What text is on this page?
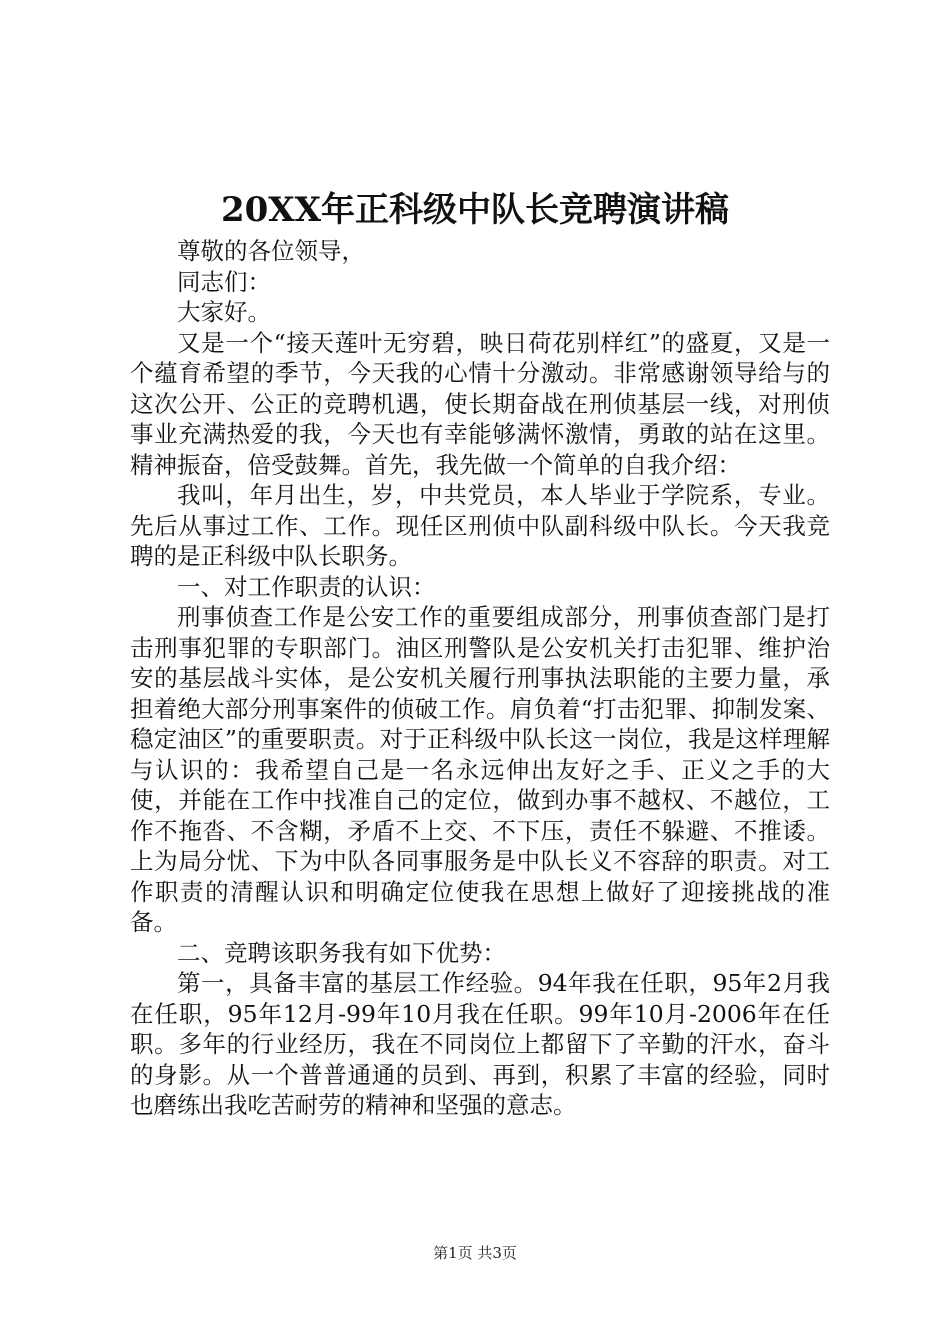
20XX年正科级中队长竞聘演讲稿

尊敬的各位领导，

同志们：

大家好。

又是一个“接天莲叶无穷碧，映日荷花别样红”的盛夏，又是一个蕴育希望的季节，今天我的心情十分激动。非常感谢领导给与的这次公开、公正的竞聘机遇，使长期奋战在刑侦基层一线，对刑侦事业充满热爱的我，今天也有幸能够满怀激情，勇敢的站在这里。精神振奋，倍受鼓舞。首先，我先做一个简单的自我介绍：

我叫，年月出生，岁，中共党员，本人毕业于学院系，专业。先后从事过工作、工作。现任区刑侦中队副科级中队长。今天我竞聘的是正科级中队长职务。

一、对工作职责的认识：

刑事侦查工作是公安工作的重要组成部分，刑事侦查部门是打击刑事犯罪的专职部门。油区刑警队是公安机关打击犯罪、维护治安的基层战斗实体，是公安机关履行刑事执法职能的主要力量，承担着绝大部分刑事案件的侦破工作。肩负着“打击犯罪、抑制发案、稳定油区”的重要职责。对于正科级中队长这一岗位，我是这样理解与认识的：我希望自己是一名永远伸出友好之手、正义之手的大使，并能在工作中找准自己的定位，做到办事不越权、不越位，工作不拖沓、不含糊，矛盾不上交、不下压，责任不躲避、不推诿。上为局分忧、下为中队各同事服务是中队长义不容辞的职责。对工作职责的清醒认识和明确定位使我在思想上做好了迎接挑战的准备。

二、竞聘该职务我有如下优势：

第一，具备丰富的基层工作经验。94年我在任职，95年2月我在任职，95年12月-99年10月我在任职。99年10月-2006年在任职。多年的行业经历，我在不同岗位上都留下了辛勤的汗水，奋斗的身影。从一个普普通通的员到、再到，积累了丰富的经验，同时也磨练出我吃苦耐劳的精神和坚强的意志。

第1页 共3页
